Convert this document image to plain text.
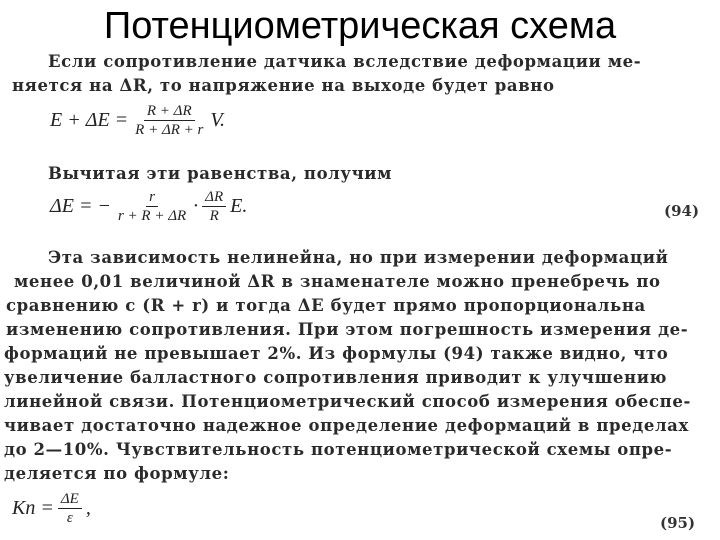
Потенциометрическая схема
Если сопротивление датчика вследствие деформации ме-
няется на ΔR, то напряжение на выходе будет равно
$E + \Delta E = \frac{R + \Delta R}{R + \Delta R + r} V$.
Вычитая эти равенства, получим
ΔE = − $\frac{r}{r + R + \Delta R} \cdot \frac{\Delta R}{R} E$.	(94)
Эта зависимость нелинейна, но при измерении деформаций
менее 0,01 величиной ΔR в знаменателе можно пренебречь по
сравнению с (R + r) и тогда ΔE будет прямо пропорциональна
изменению сопротивления. При этом погрешность измерения де-
формаций не превышает 2%. Из формулы (94) также видно, что
увеличение балластного сопротивления приводит к улучшению
линейной связи. Потенциометрический способ измерения обеспе-
чивает достаточно надежное определение деформаций в пределах
до 2—10%. Чувствительность потенциометрической схемы опре-
деляется по формуле:
Kп = $\frac{\Delta E}{\varepsilon}$ ,
(95)
